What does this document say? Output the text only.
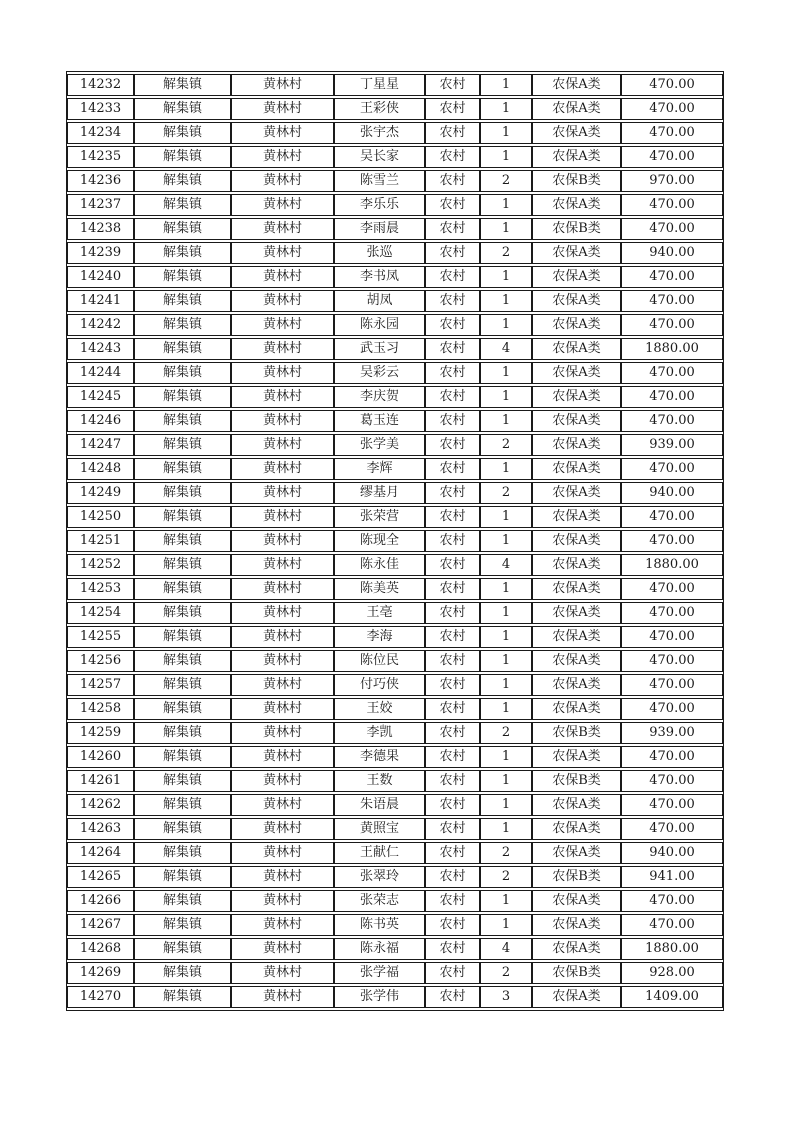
14232	解集镇	黄林村	丁星星	农村	1	农保A类	470.00
14233	解集镇	黄林村	王彩侠	农村	1	农保A类	470.00
14234	解集镇	黄林村	张宇杰	农村	1	农保A类	470.00
14235	解集镇	黄林村	吴长家	农村	1	农保A类	470.00
14236	解集镇	黄林村	陈雪兰	农村	2	农保B类	970.00
14237	解集镇	黄林村	李乐乐	农村	1	农保A类	470.00
14238	解集镇	黄林村	李雨晨	农村	1	农保B类	470.00
14239	解集镇	黄林村	张巡	农村	2	农保A类	940.00
14240	解集镇	黄林村	李书凤	农村	1	农保A类	470.00
14241	解集镇	黄林村	胡凤	农村	1	农保A类	470.00
14242	解集镇	黄林村	陈永园	农村	1	农保A类	470.00
14243	解集镇	黄林村	武玉习	农村	4	农保A类	1880.00
14244	解集镇	黄林村	吴彩云	农村	1	农保A类	470.00
14245	解集镇	黄林村	李庆贺	农村	1	农保A类	470.00
14246	解集镇	黄林村	葛玉连	农村	1	农保A类	470.00
14247	解集镇	黄林村	张学美	农村	2	农保A类	939.00
14248	解集镇	黄林村	李辉	农村	1	农保A类	470.00
14249	解集镇	黄林村	缪基月	农村	2	农保A类	940.00
14250	解集镇	黄林村	张荣营	农村	1	农保A类	470.00
14251	解集镇	黄林村	陈现全	农村	1	农保A类	470.00
14252	解集镇	黄林村	陈永佳	农村	4	农保A类	1880.00
14253	解集镇	黄林村	陈美英	农村	1	农保A类	470.00
14254	解集镇	黄林村	王亳	农村	1	农保A类	470.00
14255	解集镇	黄林村	李海	农村	1	农保A类	470.00
14256	解集镇	黄林村	陈位民	农村	1	农保A类	470.00
14257	解集镇	黄林村	付巧侠	农村	1	农保A类	470.00
14258	解集镇	黄林村	王姣	农村	1	农保A类	470.00
14259	解集镇	黄林村	李凯	农村	2	农保B类	939.00
14260	解集镇	黄林村	李德果	农村	1	农保A类	470.00
14261	解集镇	黄林村	王数	农村	1	农保B类	470.00
14262	解集镇	黄林村	朱语晨	农村	1	农保A类	470.00
14263	解集镇	黄林村	黄照宝	农村	1	农保A类	470.00
14264	解集镇	黄林村	王献仁	农村	2	农保A类	940.00
14265	解集镇	黄林村	张翠玲	农村	2	农保B类	941.00
14266	解集镇	黄林村	张荣志	农村	1	农保A类	470.00
14267	解集镇	黄林村	陈书英	农村	1	农保A类	470.00
14268	解集镇	黄林村	陈永福	农村	4	农保A类	1880.00
14269	解集镇	黄林村	张学福	农村	2	农保B类	928.00
14270	解集镇	黄林村	张学伟	农村	3	农保A类	1409.00
